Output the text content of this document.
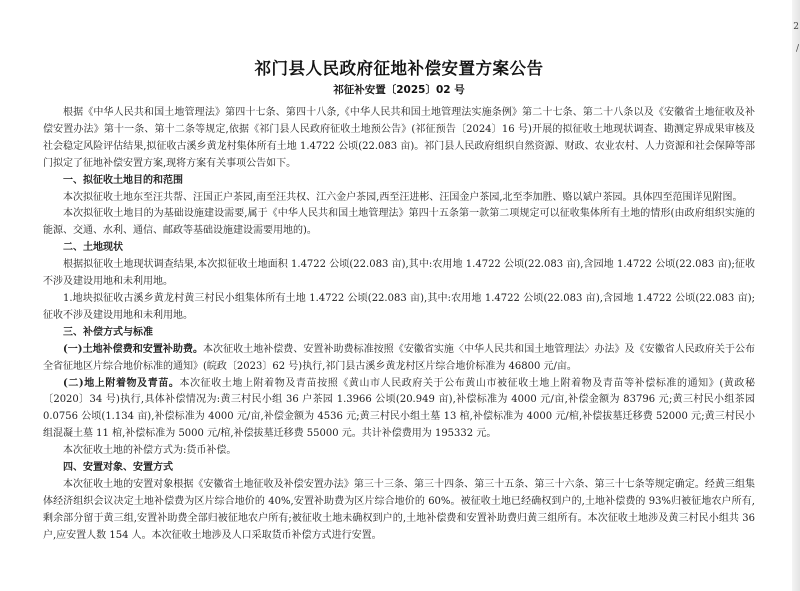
祁门县人民政府征地补偿安置方案公告
祁征补安置〔2025〕02 号

根据《中华人民共和国土地管理法》第四十七条、第四十八条,《中华人民共和国土地管理法实施条例》第二十七条、第二十八条以及《安徽省土地征收及补偿安置办法》第十一条、第十二条等规定,依据《祁门县人民政府征收土地预公告》(祁征预告〔2024〕16 号)开展的拟征收土地现状调查、勘测定界成果审核及社会稳定风险评估结果,拟征收古溪乡黄龙村集体所有土地 1.4722 公顷(22.083 亩)。祁门县人民政府组织自然资源、财政、农业农村、人力资源和社会保障等部门拟定了征地补偿安置方案,现将方案有关事项公告如下。

一、拟征收土地目的和范围

本次拟征收土地东至汪共帮、汪国正户茶园,南至汪共权、江六金户茶园,西至汪进彬、汪国金户茶园,北至李加胜、赂以斌户茶园。具体四至范围详见附图。

本次拟征收土地目的为基础设施建设需要,属于《中华人民共和国土地管理法》第四十五条第一款第二项规定可以征收集体所有土地的情形(由政府组织实施的能源、交通、水利、通信、邮政等基础设施建设需要用地的)。

二、土地现状

根据拟征收土地现状调查结果,本次拟征收土地面积 1.4722 公顷(22.083 亩),其中:农用地 1.4722 公顷(22.083 亩),含园地 1.4722 公顷(22.083 亩);征收不涉及建设用地和未利用地。

1.地块拟征收古溪乡黄龙村黄三村民小组集体所有土地 1.4722 公顷(22.083 亩),其中:农用地 1.4722 公顷(22.083 亩),含园地 1.4722 公顷(22.083 亩);征收不涉及建设用地和未利用地。

三、补偿方式与标准

(一)土地补偿费和安置补助费。本次征收土地补偿费、安置补助费标准按照《安徽省实施〈中华人民共和国土地管理法〉办法》及《安徽省人民政府关于公布全省征地区片综合地价标准的通知》(皖政〔2023〕62 号)执行,祁门县古溪乡黄龙村区片综合地价标准为 46800 元/亩。

(二)地上附着物及青苗。本次征收土地上附着物及青苗按照《黄山市人民政府关于公布黄山市被征收土地上附着物及青苗等补偿标准的通知》(黄政秘〔2020〕34 号)执行,具体补偿情况为:黄三村民小组 36 户茶园 1.3966 公顷(20.949 亩),补偿标准为 4000 元/亩,补偿金额为 83796 元;黄三村民小组茶园 0.0756 公顷(1.134 亩),补偿标准为 4000 元/亩,补偿金额为 4536 元;黄三村民小组土墓 13 棺,补偿标准为 4000 元/棺,补偿拔墓迁移费 52000 元;黄三村民小组混凝土墓 11 棺,补偿标准为 5000 元/棺,补偿拔墓迁移费 55000 元。共计补偿费用为 195332 元。

本次征收土地的补偿方式为:货币补偿。

四、安置对象、安置方式

本次征收土地的安置对象根据《安徽省土地征收及补偿安置办法》第三十三条、第三十四条、第三十五条、第三十六条、第三十七条等规定确定。经黄三组集体经济组织会议决定土地补偿费为区片综合地价的 40%,安置补助费为区片综合地价的 60%。被征收土地已经确权到户的,土地补偿费的 93%归被征地农户所有,剩余部分留于黄三组,安置补助费全部归被征地农户所有;被征收土地未确权到户的,土地补偿费和安置补助费归黄三组所有。本次征收土地涉及黄三村民小组共 36 户,应安置人数 154 人。本次征收土地涉及人口采取货币补偿方式进行安置。

2
/
